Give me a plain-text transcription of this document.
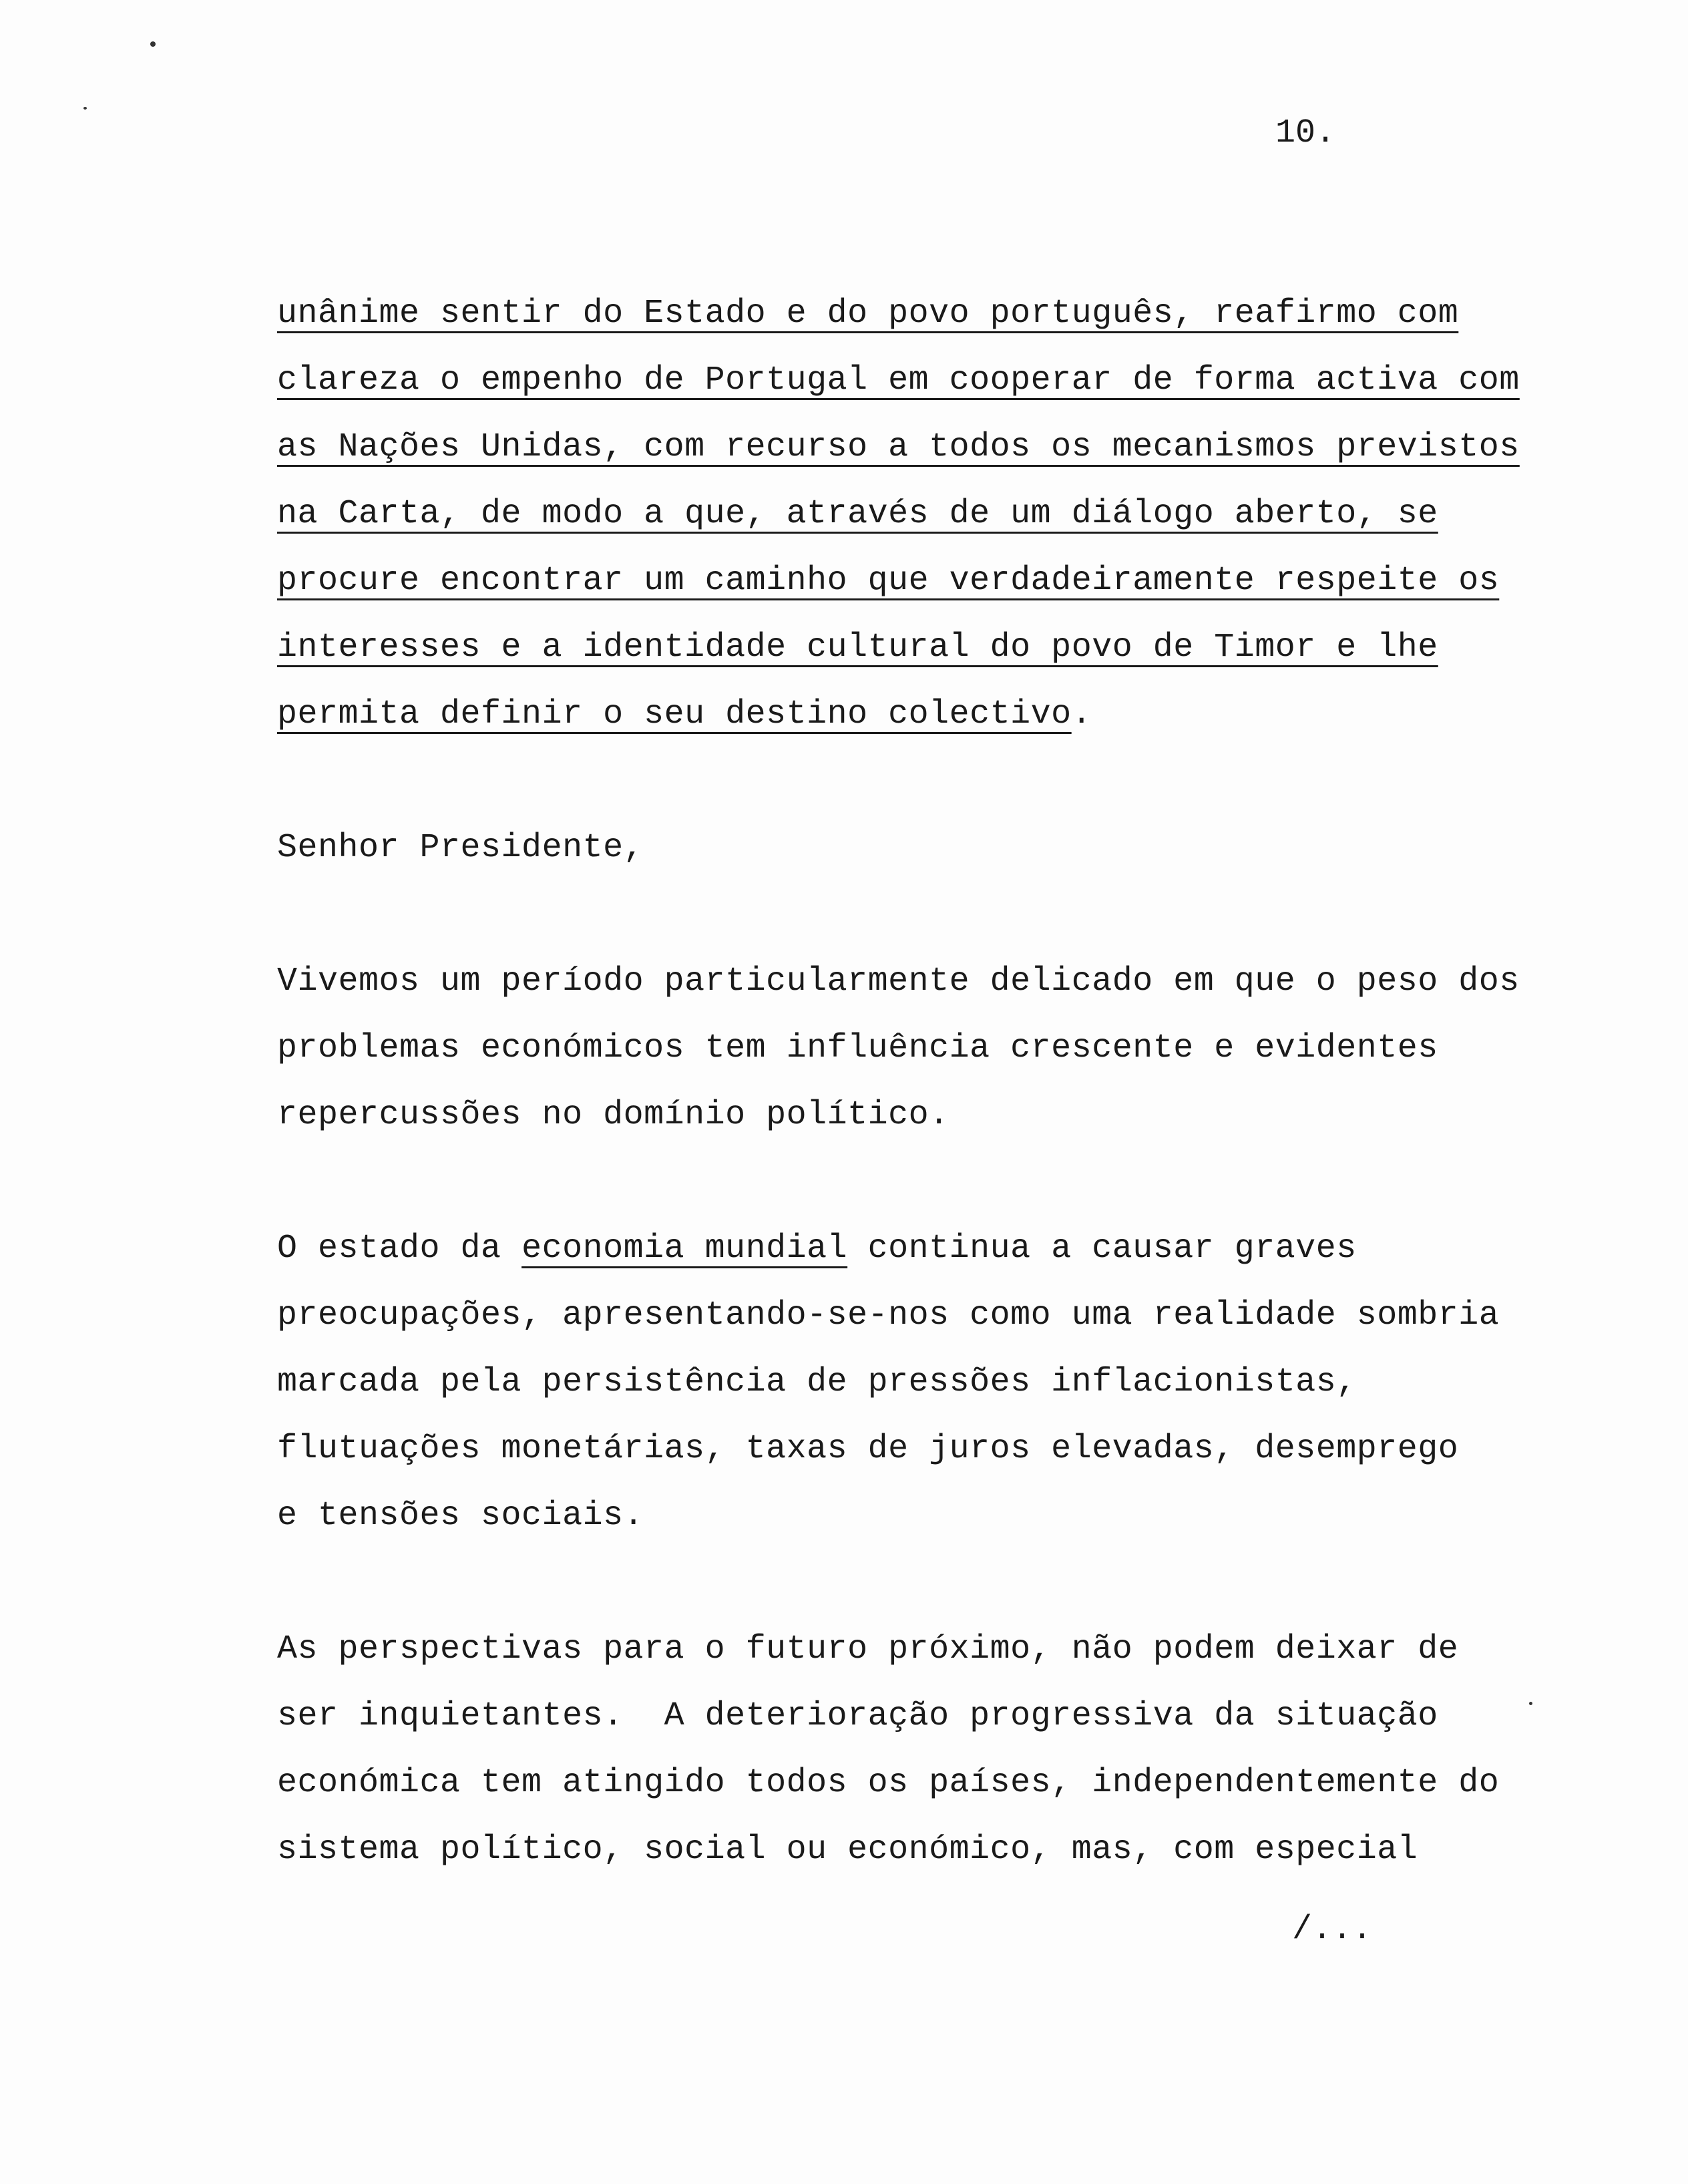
10.
unânime sentir do Estado e do povo português, reafirmo com
clareza o empenho de Portugal em cooperar de forma activa com
as Nações Unidas, com recurso a todos os mecanismos previstos
na Carta, de modo a que, através de um diálogo aberto, se
procure encontrar um caminho que verdadeiramente respeite os
interesses e a identidade cultural do povo de Timor e lhe
permita definir o seu destino colectivo.
Senhor Presidente,
Vivemos um período particularmente delicado em que o peso dos
problemas económicos tem influência crescente e evidentes
repercussões no domínio político.
O estado da economia mundial continua a causar graves
preocupações, apresentando-se-nos como uma realidade sombria
marcada pela persistência de pressões inflacionistas,
flutuações monetárias, taxas de juros elevadas, desemprego
e tensões sociais.
As perspectivas para o futuro próximo, não podem deixar de
ser inquietantes.  A deterioração progressiva da situação
económica tem atingido todos os países, independentemente do
sistema político, social ou económico, mas, com especial
/...
